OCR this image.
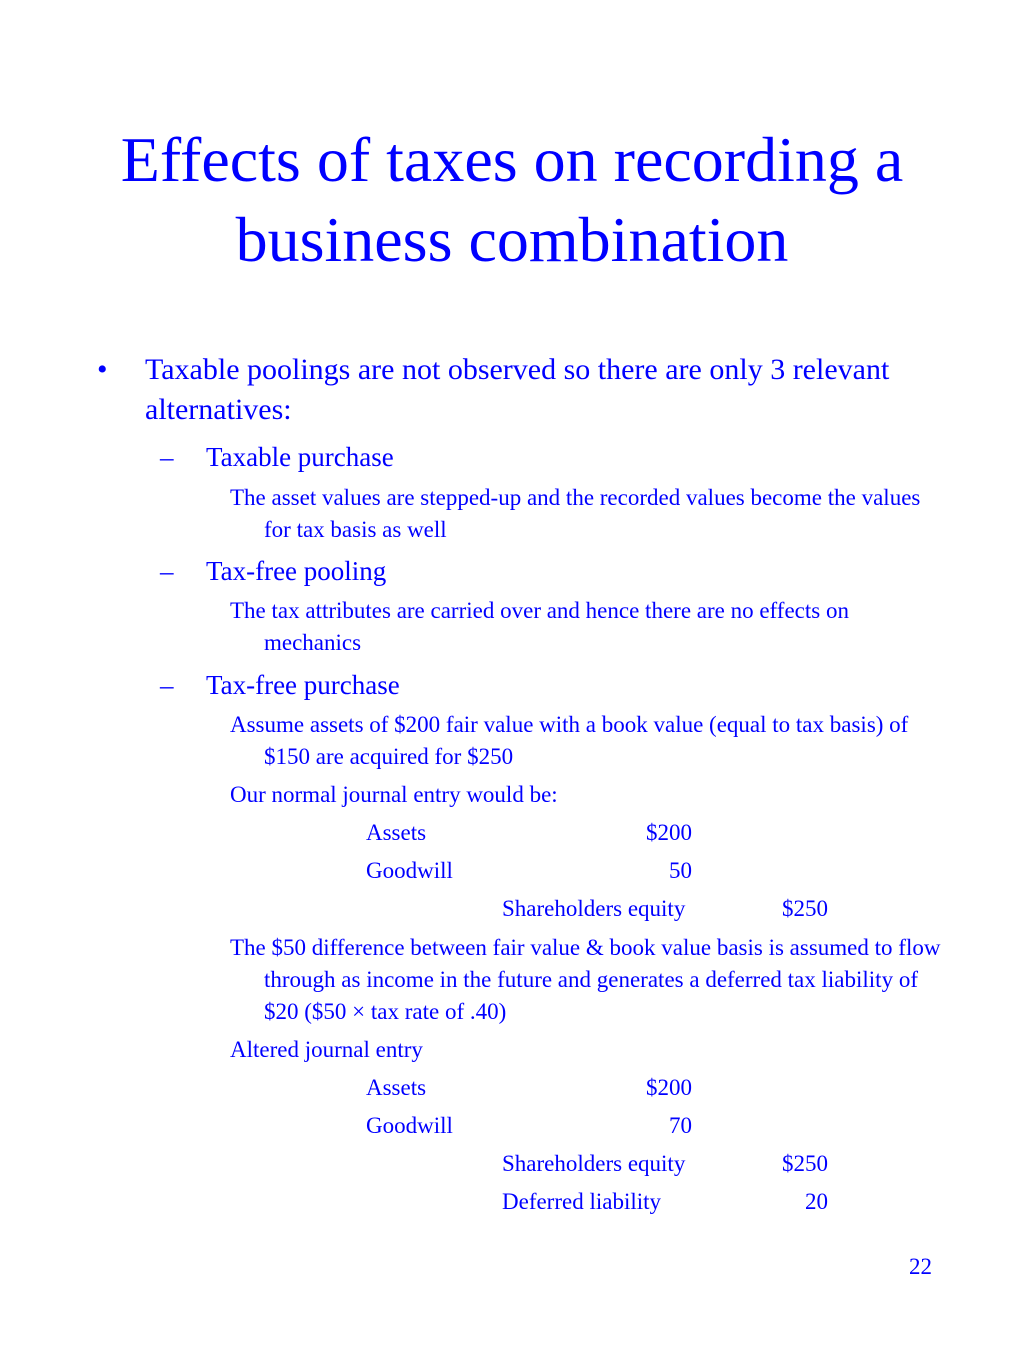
Effects of taxes on recording a
business combination
• Taxable poolings are not observed so there are only 3 relevant alternatives:
– Taxable purchase
The asset values are stepped-up and the recorded values become the values for tax basis as well
– Tax-free pooling
The tax attributes are carried over and hence there are no effects on mechanics
– Tax-free purchase
Assume assets of $200 fair value with a book value (equal to tax basis) of $150 are acquired for $250
Our normal journal entry would be:
Assets	$200
Goodwill	50
Shareholders equity	$250
The $50 difference between fair value & book value basis is assumed to flow through as income in the future and generates a deferred tax liability of $20 ($50 × tax rate of .40)
Altered journal entry
Assets	$200
Goodwill	70
Shareholders equity	$250
Deferred liability	20
22
